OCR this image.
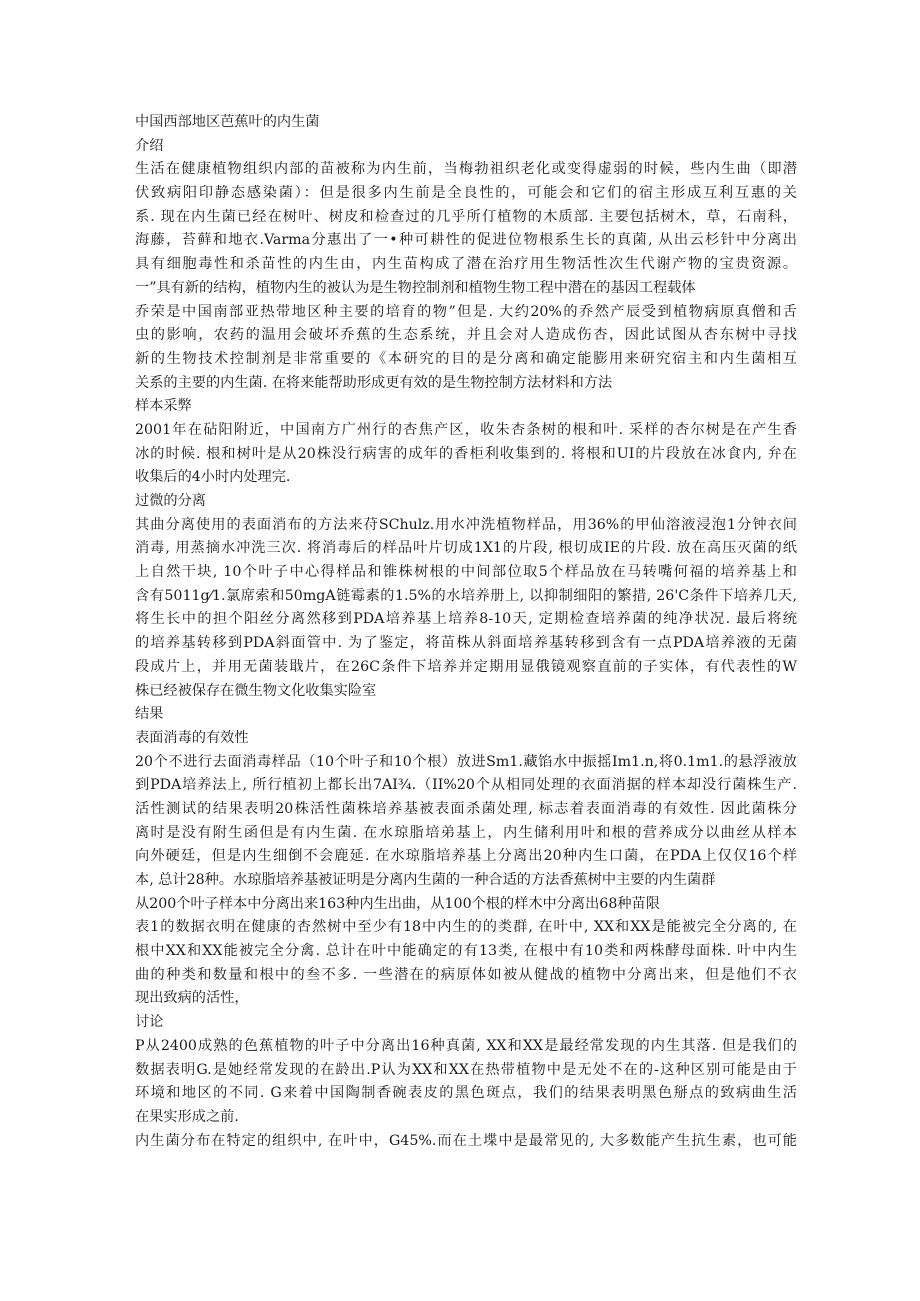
中国西部地区芭蕉叶的内生菌
介绍
生活在健康植物组织内部的苗被称为内生前，当梅勃祖织老化或变得虚弱的时候，些内生曲（即潜
伏致病阳印静态感染菌）：但是很多内生前是全良性的，可能会和它们的宿主形成互利互惠的关
系. 现在内生菌已经在树叶、树皮和检查过的几乎所仃植物的木质部. 主要包括树木，草，石南科，
海藤，苔藓和地衣.Varma分惠出了一•种可耕性的促进位物根系生长的真菌, 从出云杉针中分离出
具有细胞毒性和杀苗性的内生由，内生苗构成了潜在治疗用生物活性次生代谢产物的宝贵资源。
一”具有新的结构，植物内生的被认为是生物控制剂和植物生物工程中潜在的基因工程载体
乔荣是中国南部亚热带地区种主要的培育的物”但是. 大约20%的乔然产辰受到植物病原真僧和舌
虫的影响，农药的温用会破坏乔蕉的生态系统，并且会对人造成伤杏，因此试图从杏东树中寻找
新的生物技术控制剂是非常重要的《本研究的目的是分离和确定能膨用来研究宿主和内生菌相互
关系的主要的内生菌. 在将来能帮助形成更有效的是生物控制方法材料和方法
样本采弊
2001年在砧阳附近，中国南方广州行的杏焦产区，收朱杏条树的根和叶. 采样的杏尔树是在产生香
冰的时候. 根和树叶是从20株没行病害的成年的香柜利收集到的. 将根和UI的片段放在冰食内, 弁在
收集后的4小时内处理完.
过微的分离
其曲分离使用的表面消布的方法来苻SChulz.用水冲洗植物样品，用36%的甲仙溶液浸泡1分钟衣间
消毒, 用蒸摘水冲洗三次. 将消毒后的样品叶片切成1X1的片段, 根切成IE的片段. 放在高压灭菌的纸
上自然干块, 10个叶子中心得样品和锥株树根的中间部位取5个样品放在马转嘴何福的培养基上和
含有5011g⁄1.氯席索和50mgA链霉素的1.5%的水培养册上, 以抑制细阳的繁措, 26'C条件下培养几天,
将生长中的担个阳丝分离然移到PDA培养基上培养8-10天, 定期检查培养菌的纯净状况. 最后将统
的培养基转移到PDA斜面管中. 为了鉴定，将苗株从斜面培养基转移到含有一点PDA培养液的无菌
段成片上，并用无菌装戢片，在26C条件下培养并定期用显俄镜观察直前的子实体，有代表性的W
株已经被保存在微生物文化收集实险室
结果
表面消毒的有效性
20个不进行去面消毒样品（10个叶子和10个根）放进Sm1.藏馅水中振摇Im1.n,将0.1m1.的悬浮液放
到PDA培养法上, 所行植初上都长出7AI¾.（II%20个从相同处理的衣面消据的样本却没行菌株生产.
活性测试的结果表明20株活性菌株培养基被表面杀菌处理, 标志着表面消毒的有效性. 因此菌株分
离时是没有附生函但是有内生菌. 在水琼脂培弟基上，内生储利用叶和根的营养成分以曲丝从样本
向外硬廷，但是内生细倒不会鹿延. 在水琼脂培养基上分离出20种内生口菌，在PDA上仅仅16个样
本, 总计28种。水琼脂培养基被证明是分离内生菌的一种合适的方法香蕉树中主要的内生菌群
从200个叶子样本中分离出来163种内生出曲，从100个根的样木中分离出68种苗限
表1的数据衣明在健康的杏然树中至少有18中内生的的类群, 在叶中, XX和XX是能被完全分离的, 在
根中XX和XX能被完全分禽. 总计在叶中能确定的有13类, 在根中有10类和两株酵母面株. 叶中内生
曲的种类和数量和根中的叁不多. 一些潜在的病原体如被从健战的植物中分离出来，但是他们不衣
现出致病的活性，
讨论
P从2400成熟的色蕉植物的叶子中分离出16种真菌, XX和XX是最经常发现的内生其落. 但是我们的
数据表明G.是她经常发现的在龄出.P认为XX和XX在热带植物中是无处不在的-这种区别可能是由于
环境和地区的不同. G来着中国陶制香碗表皮的黑色斑点，我们的结果表明黑色掰点的致病曲生活
在果实形成之前.
内生菌分布在特定的组织中, 在叶中，G45%.而在土堞中是最常见的, 大多数能产生抗生素，也可能
